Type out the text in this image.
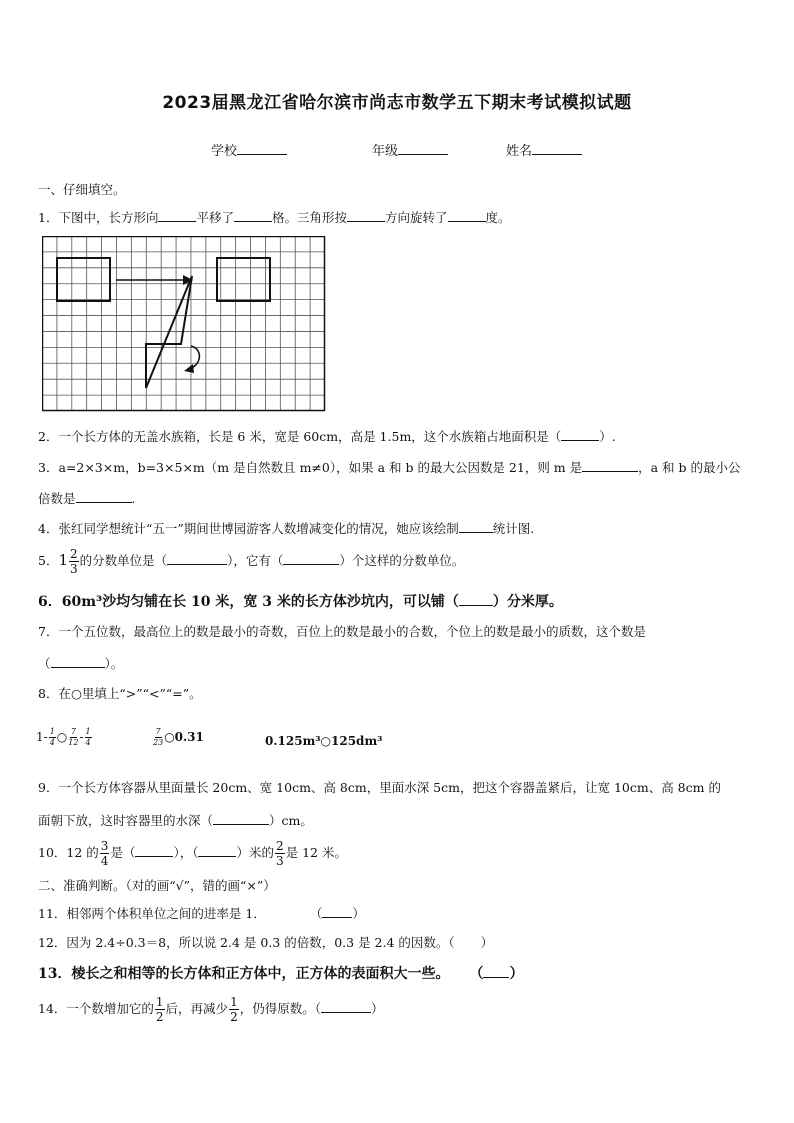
2023届黑龙江省哈尔滨市尚志市数学五下期末考试模拟试题
学校	年级	姓名
一、仔细填空。
1．下图中，长方形向	平移了	格。三角形按	方向旋转了	度。
2．一个长方体的无盖水族箱，长是 6 米，宽是 60cm，高是 1.5m，这个水族箱占地面积是（	）.
3．a=2×3×m，b=3×5×m（m 是自然数且 m≠0），如果 a 和 b 的最大公因数是 21，则 m 是	，a 和 b 的最小公
倍数是	.
4．张红同学想统计“五一”期间世博园游客人数增减变化的情况，她应该绘制	统计图.
5．$1 \frac{2}{3}$ 的分数单位是（	），它有（	）个这样的分数单位。
6．60m³沙均匀铺在长 10 米，宽 3 米的长方体沙坑内，可以铺（ ）分米厚。
7．一个五位数，最高位上的数是最小的奇数，百位上的数是最小的合数，个位上的数是最小的质数，这个数是
（	）。
8．在○里填上“>”“<”“=”。
$1- \frac{1}{4}$ ○ $\frac{7}{12} - \frac{1}{4}$	$\frac{7}{23}$ ○0.31	0.125m³○125dm³
9．一个长方体容器从里面量长 20cm、宽 10cm、高 8cm，里面水深 5cm，把这个容器盖紧后，让宽 10cm、高 8cm 的
面朝下放，这时容器里的水深（	）cm。
10．12 的 $\frac{3}{4}$ 是（	），（	）米的 $\frac{2}{3}$ 是 12 米。
二、准确判断。（对的画“√”，错的画“×”）
11．相邻两个体积单位之间的进率是 1．	（ ）
12．因为 2.4÷0.3＝8，所以说 2.4 是 0.3 的倍数，0.3 是 2.4 的因数。（ ）
13．棱长之和相等的长方体和正方体中，正方体的表面积大一些。 （ ）
14．一个数增加它的 $\frac{1}{2}$ 后，再减少 $\frac{1}{2}$ ，仍得原数。（	）
